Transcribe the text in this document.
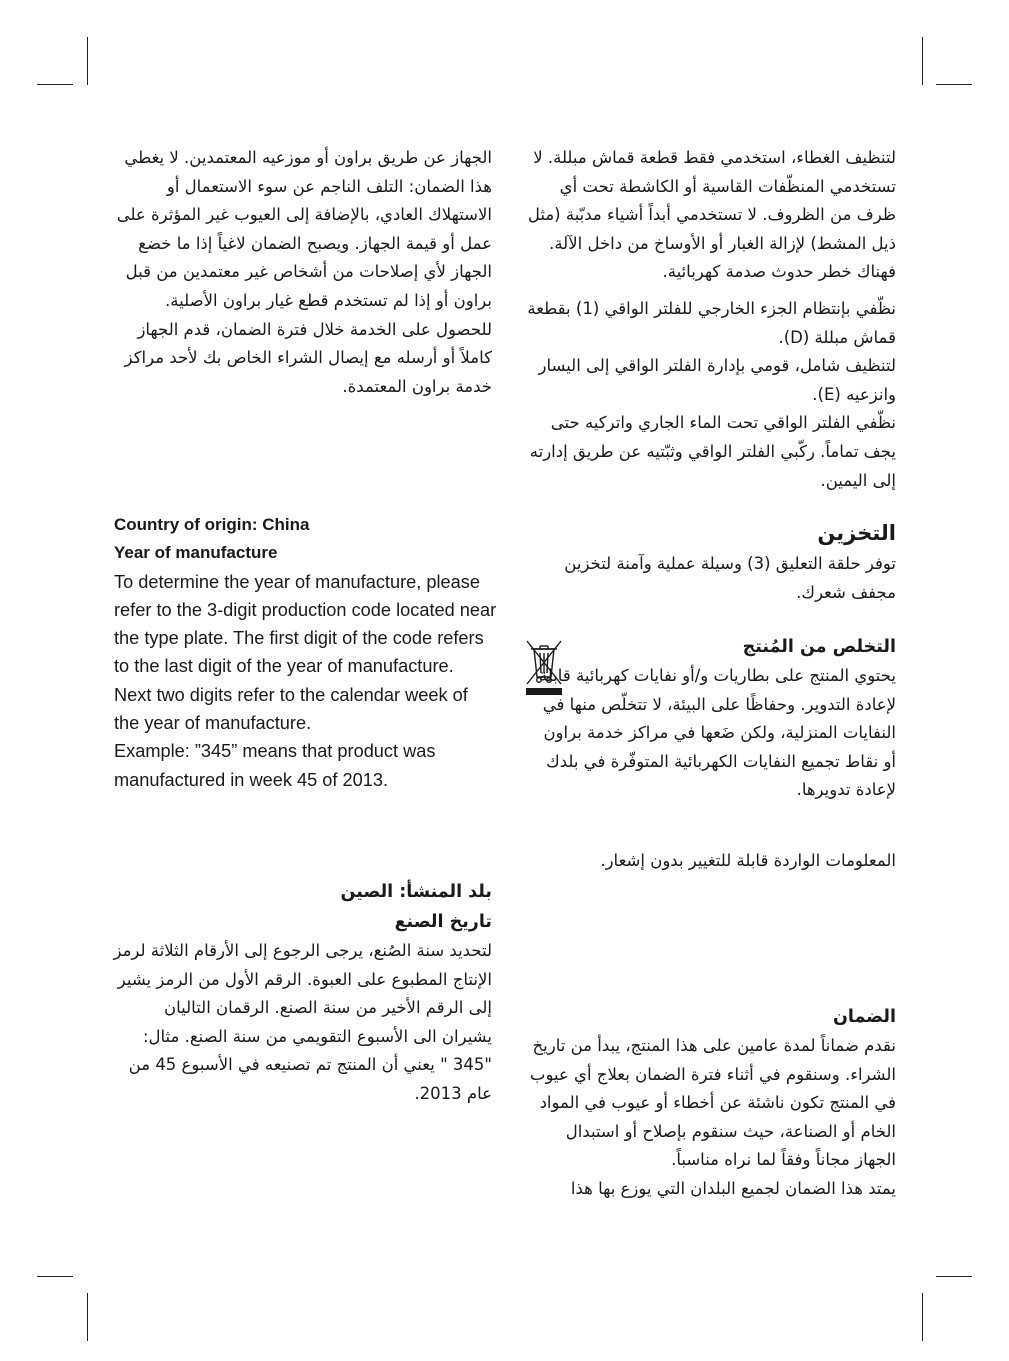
لتنظيف الغطاء، استخدمي فقط قطعة قماش مبللة. لا تستخدمي المنظّفات القاسية أو الكاشطة تحت أي ظرف من الظروف. لا تستخدمي أبداً أشياء مدبّبة (مثل ذيل المشط) لإزالة الغبار أو الأوساخ من داخل الآلة. فهناك خطر حدوث صدمة كهربائية.

نظّفي بإنتظام الجزء الخارجي للفلتر الواقي (1) بقطعة قماش مبللة (D).

لتنظيف شامل، قومي بإدارة الفلتر الواقي إلى اليسار وانزعيه (E).

نظّفي الفلتر الواقي تحت الماء الجاري واتركيه حتى يجف تماماً. ركّبي الفلتر الواقي وثبّتيه عن طريق إدارته إلى اليمين.

التخزين

توفر حلقة التعليق (3) وسيلة عملية وآمنة لتخزين مجفف شعرك.

التخلص من المُنتج

يحتوي المنتج على بطاريات و/أو نفايات كهربائية قابلة لإعادة التدوير. وحفاظًا على البيئة، لا تتخلّص منها في النفايات المنزلية، ولكن ضَعها في مراكز خدمة براون أو نقاط تجميع النفايات الكهربائية المتوفّرة في بلدك لإعادة تدويرها.

المعلومات الواردة قابلة للتغيير بدون إشعار.

الضمان

نقدم ضماناً لمدة عامين على هذا المنتج، يبدأ من تاريخ الشراء. وسنقوم في أثناء فترة الضمان بعلاج أي عيوب في المنتج تكون ناشئة عن أخطاء أو عيوب في المواد الخام أو الصناعة، حيث سنقوم بإصلاح أو استبدال الجهاز مجاناً وفقاً لما نراه مناسباً.

يمتد هذا الضمان لجميع البلدان التي يوزع بها هذا

الجهاز عن طريق براون أو موزعيه المعتمدين. لا يغطي هذا الضمان: التلف الناجم عن سوء الاستعمال أو الاستهلاك العادي، بالإضافة إلى العيوب غير المؤثرة على عمل أو قيمة الجهاز. ويصبح الضمان لاغياً إذا ما خضع الجهاز لأي إصلاحات من أشخاص غير معتمدين من قبل براون أو إذا لم تستخدم قطع غيار براون الأصلية.

للحصول على الخدمة خلال فترة الضمان، قدم الجهاز كاملاً أو أرسله مع إيصال الشراء الخاص بك لأحد مراكز خدمة براون المعتمدة.

Country of origin: China

Year of manufacture

To determine the year of manufacture, please refer to the 3-digit production code located near the type plate. The first digit of the code refers to the last digit of the year of manufacture.

Next two digits refer to the calendar week of the year of manufacture.

Example: ”345” means that product was manufactured in week 45 of 2013.

بلد المنشأ: الصين
تاريخ الصنع

لتحديد سنة الصُنع، يرجى الرجوع إلى الأرقام الثلاثة لرمز الإنتاج المطبوع على العبوة. الرقم الأول من الرمز يشير إلى الرقم الأخير من سنة الصنع. الرقمان التاليان يشيران الى الأسبوع التقويمي من سنة الصنع. مثال: "345 " يعني أن المنتج تم تصنيعه في الأسبوع 45 من عام 2013.
